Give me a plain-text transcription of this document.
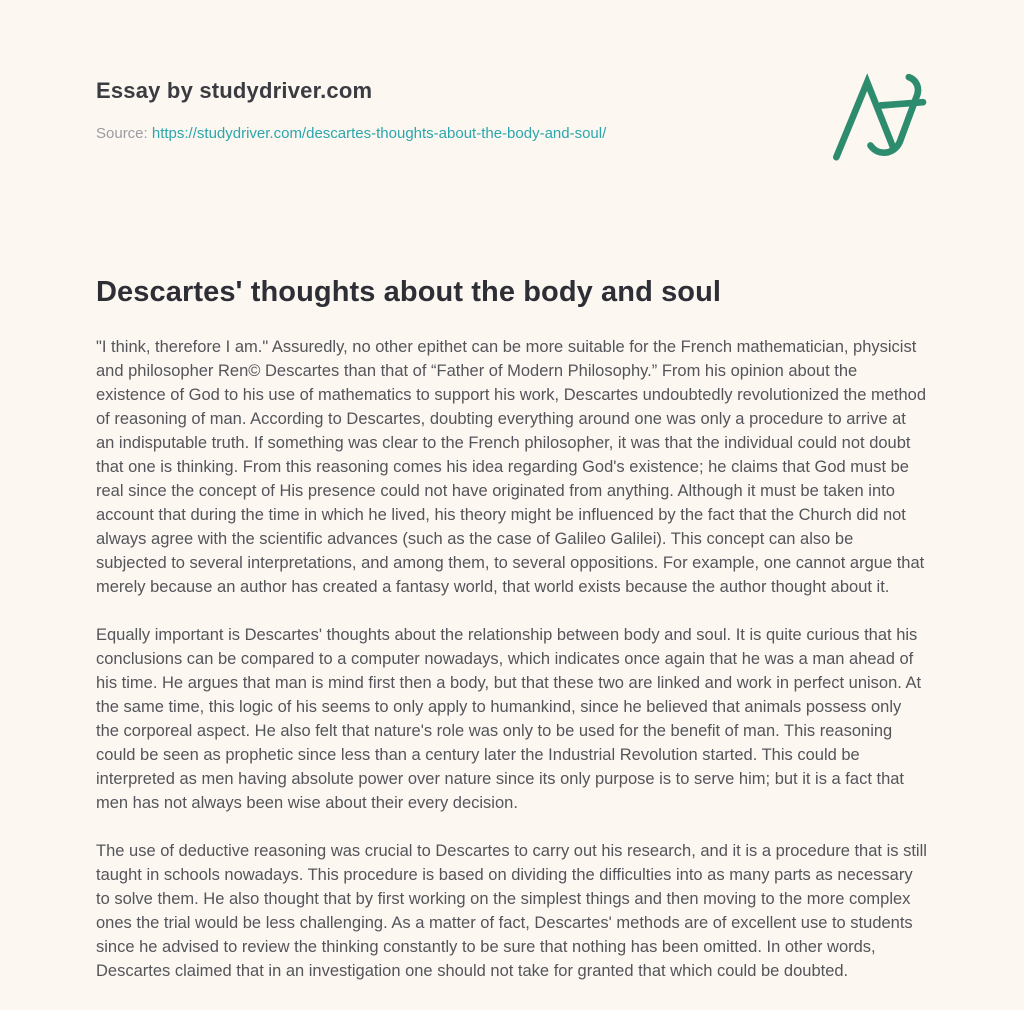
Essay by studydriver.com
Source: https://studydriver.com/descartes-thoughts-about-the-body-and-soul/
Descartes' thoughts about the body and soul

"I think, therefore I am." Assuredly, no other epithet can be more suitable for the French mathematician, physicist and philosopher Ren© Descartes than that of “Father of Modern Philosophy.” From his opinion about the existence of God to his use of mathematics to support his work, Descartes undoubtedly revolutionized the method of reasoning of man. According to Descartes, doubting everything around one was only a procedure to arrive at an indisputable truth. If something was clear to the French philosopher, it was that the individual could not doubt that one is thinking. From this reasoning comes his idea regarding God's existence; he claims that God must be real since the concept of His presence could not have originated from anything. Although it must be taken into account that during the time in which he lived, his theory might be influenced by the fact that the Church did not always agree with the scientific advances (such as the case of Galileo Galilei). This concept can also be subjected to several interpretations, and among them, to several oppositions. For example, one cannot argue that merely because an author has created a fantasy world, that world exists because the author thought about it.

Equally important is Descartes' thoughts about the relationship between body and soul. It is quite curious that his conclusions can be compared to a computer nowadays, which indicates once again that he was a man ahead of his time. He argues that man is mind first then a body, but that these two are linked and work in perfect unison. At the same time, this logic of his seems to only apply to humankind, since he believed that animals possess only the corporeal aspect. He also felt that nature's role was only to be used for the benefit of man. This reasoning could be seen as prophetic since less than a century later the Industrial Revolution started. This could be interpreted as men having absolute power over nature since its only purpose is to serve him; but it is a fact that men has not always been wise about their every decision.

The use of deductive reasoning was crucial to Descartes to carry out his research, and it is a procedure that is still taught in schools nowadays. This procedure is based on dividing the difficulties into as many parts as necessary to solve them. He also thought that by first working on the simplest things and then moving to the more complex ones the trial would be less challenging. As a matter of fact, Descartes' methods are of excellent use to students since he advised to review the thinking constantly to be sure that nothing has been omitted. In other words, Descartes claimed that in an investigation one should not take for granted that which could be doubted.
